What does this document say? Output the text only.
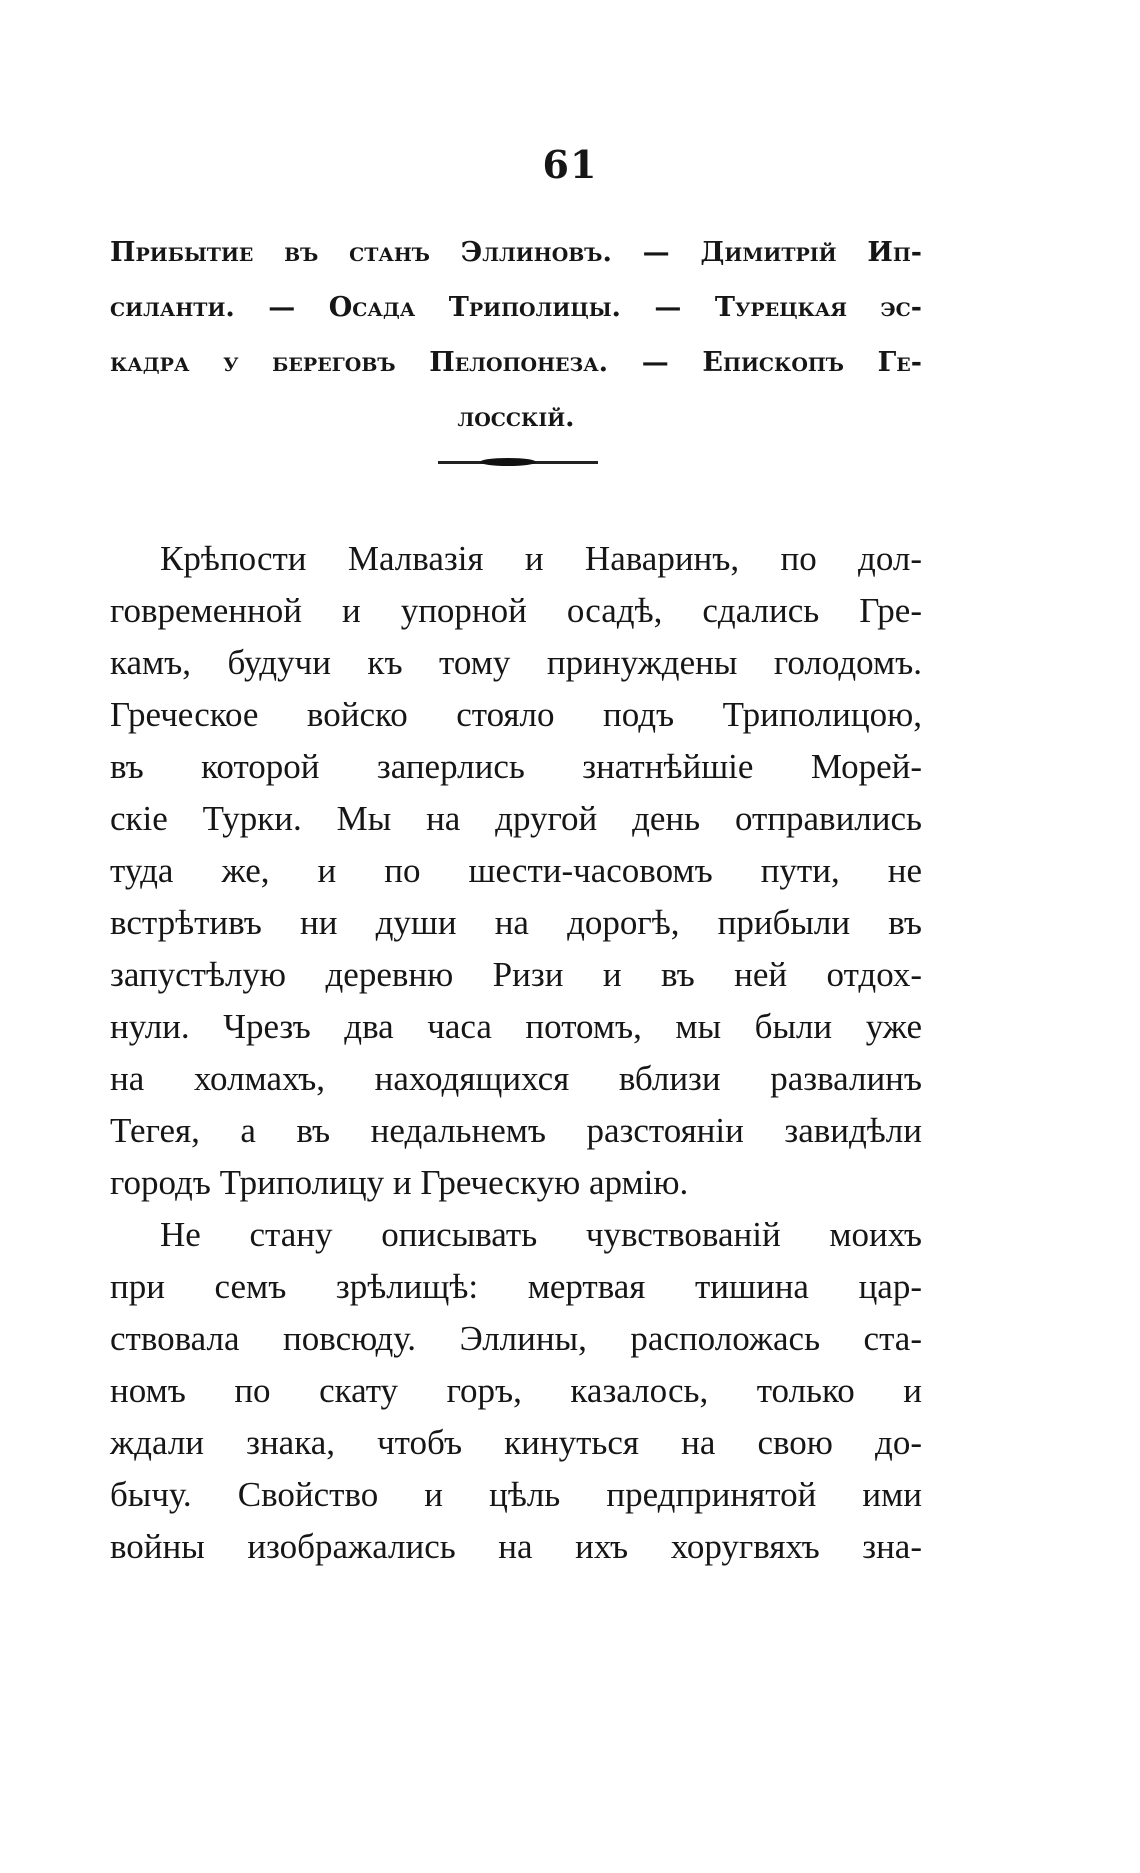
61
Прибытие въ станъ Эллиновъ. — Димитрій Ип-
силанти. — Осада Триполицы. — Турецкая эс-
кадра у береговъ Пелопонеза. — Епископъ Ге-
лосскій.
Крѣпости Малвазія и Наваринъ, по дол-
говременной и упорной осадѣ, сдались Гре-
камъ, будучи къ тому принуждены голодомъ.
Греческое войско стояло подъ Триполицою,
въ которой заперлись знатнѣйшіе Морей-
скіе Турки. Мы на другой день отправились
туда же, и по шести-часовомъ пути, не
встрѣтивъ ни души на дорогѣ, прибыли въ
запустѣлую деревню Ризи и въ ней отдох-
нули. Чрезъ два часа потомъ, мы были уже
на холмахъ, находящихся вблизи развалинъ
Тегея, а въ недальнемъ разстояніи завидѣли
городъ Триполицу и Греческую армію.
Не стану описывать чувствованій моихъ
при семъ зрѣлищѣ: мертвая тишина цар-
ствовала повсюду. Эллины, расположась ста-
номъ по скату горъ, казалось, только и
ждали знака, чтобъ кинуться на свою до-
бычу. Свойство и цѣль предпринятой ими
войны изображались на ихъ хоругвяхъ зна-
